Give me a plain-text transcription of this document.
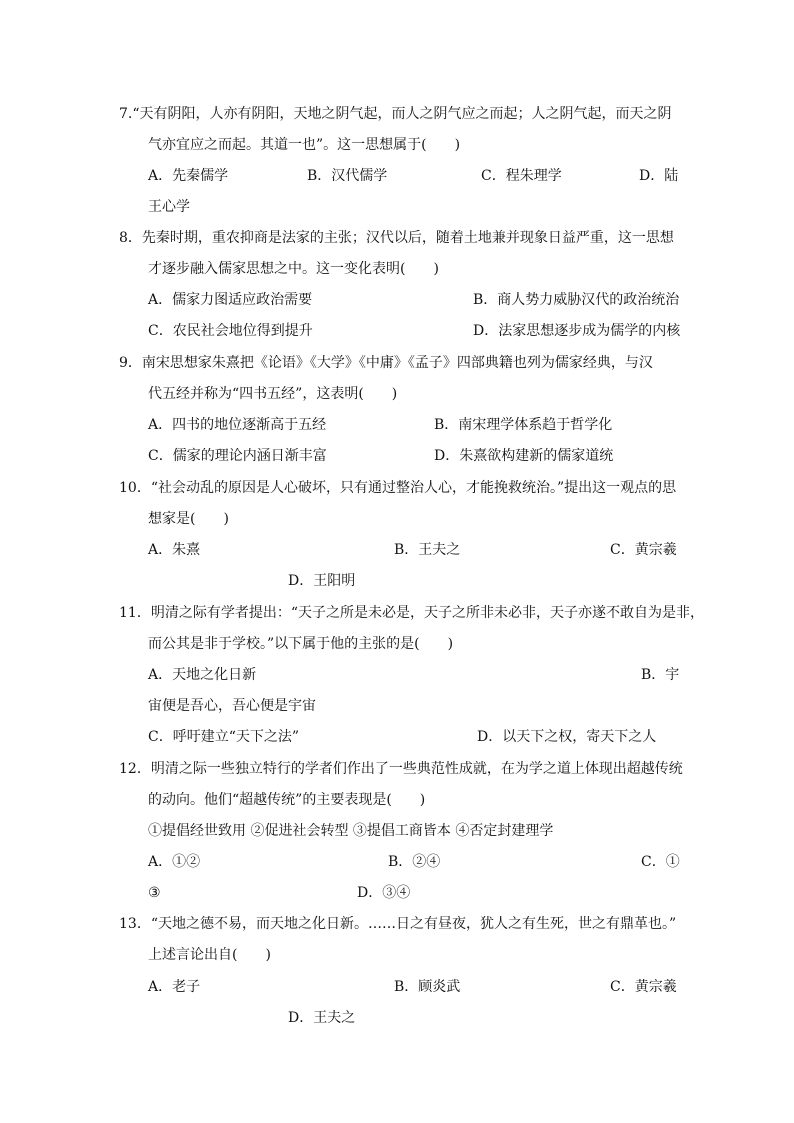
7.“天有阴阳，人亦有阴阳，天地之阴气起，而人之阴气应之而起；人之阴气起，而天之阴
气亦宜应之而起。其道一也”。这一思想属于(　　)
A．先秦儒学	B．汉代儒学	C．程朱理学	D．陆
王心学
8．先秦时期，重农抑商是法家的主张；汉代以后，随着土地兼并现象日益严重，这一思想
才逐步融入儒家思想之中。这一变化表明(　　)
A．儒家力图适应政治需要	B．商人势力威胁汉代的政治统治
C．农民社会地位得到提升	D．法家思想逐步成为儒学的内核
9．南宋思想家朱熹把《论语》《大学》《中庸》《孟子》四部典籍也列为儒家经典，与汉
代五经并称为“四书五经”，这表明(　　)
A．四书的地位逐渐高于五经	B．南宋理学体系趋于哲学化
C．儒家的理论内涵日渐丰富	D．朱熹欲构建新的儒家道统
10．“社会动乱的原因是人心破坏，只有通过整治人心，才能挽救统治。”提出这一观点的思
想家是(　　)
A．朱熹	B．王夫之	C．黄宗羲
D．王阳明
11．明清之际有学者提出：“天子之所是未必是，天子之所非未必非，天子亦遂不敢自为是非，
而公其是非于学校。”以下属于他的主张的是(　　)
A．天地之化日新	B．宇
宙便是吾心，吾心便是宇宙
C．呼吁建立“天下之法”	D．以天下之权，寄天下之人
12．明清之际一些独立特行的学者们作出了一些典范性成就，在为学之道上体现出超越传统
的动向。他们“超越传统”的主要表现是(　　)
①提倡经世致用 ②促进社会转型 ③提倡工商皆本 ④否定封建理学
A．①②	B．②④	C．①
③	D．③④
13．“天地之德不易，而天地之化日新。……日之有昼夜，犹人之有生死，世之有鼎革也。”
上述言论出自(　　)
A．老子	B．顾炎武	C．黄宗羲
D．王夫之
